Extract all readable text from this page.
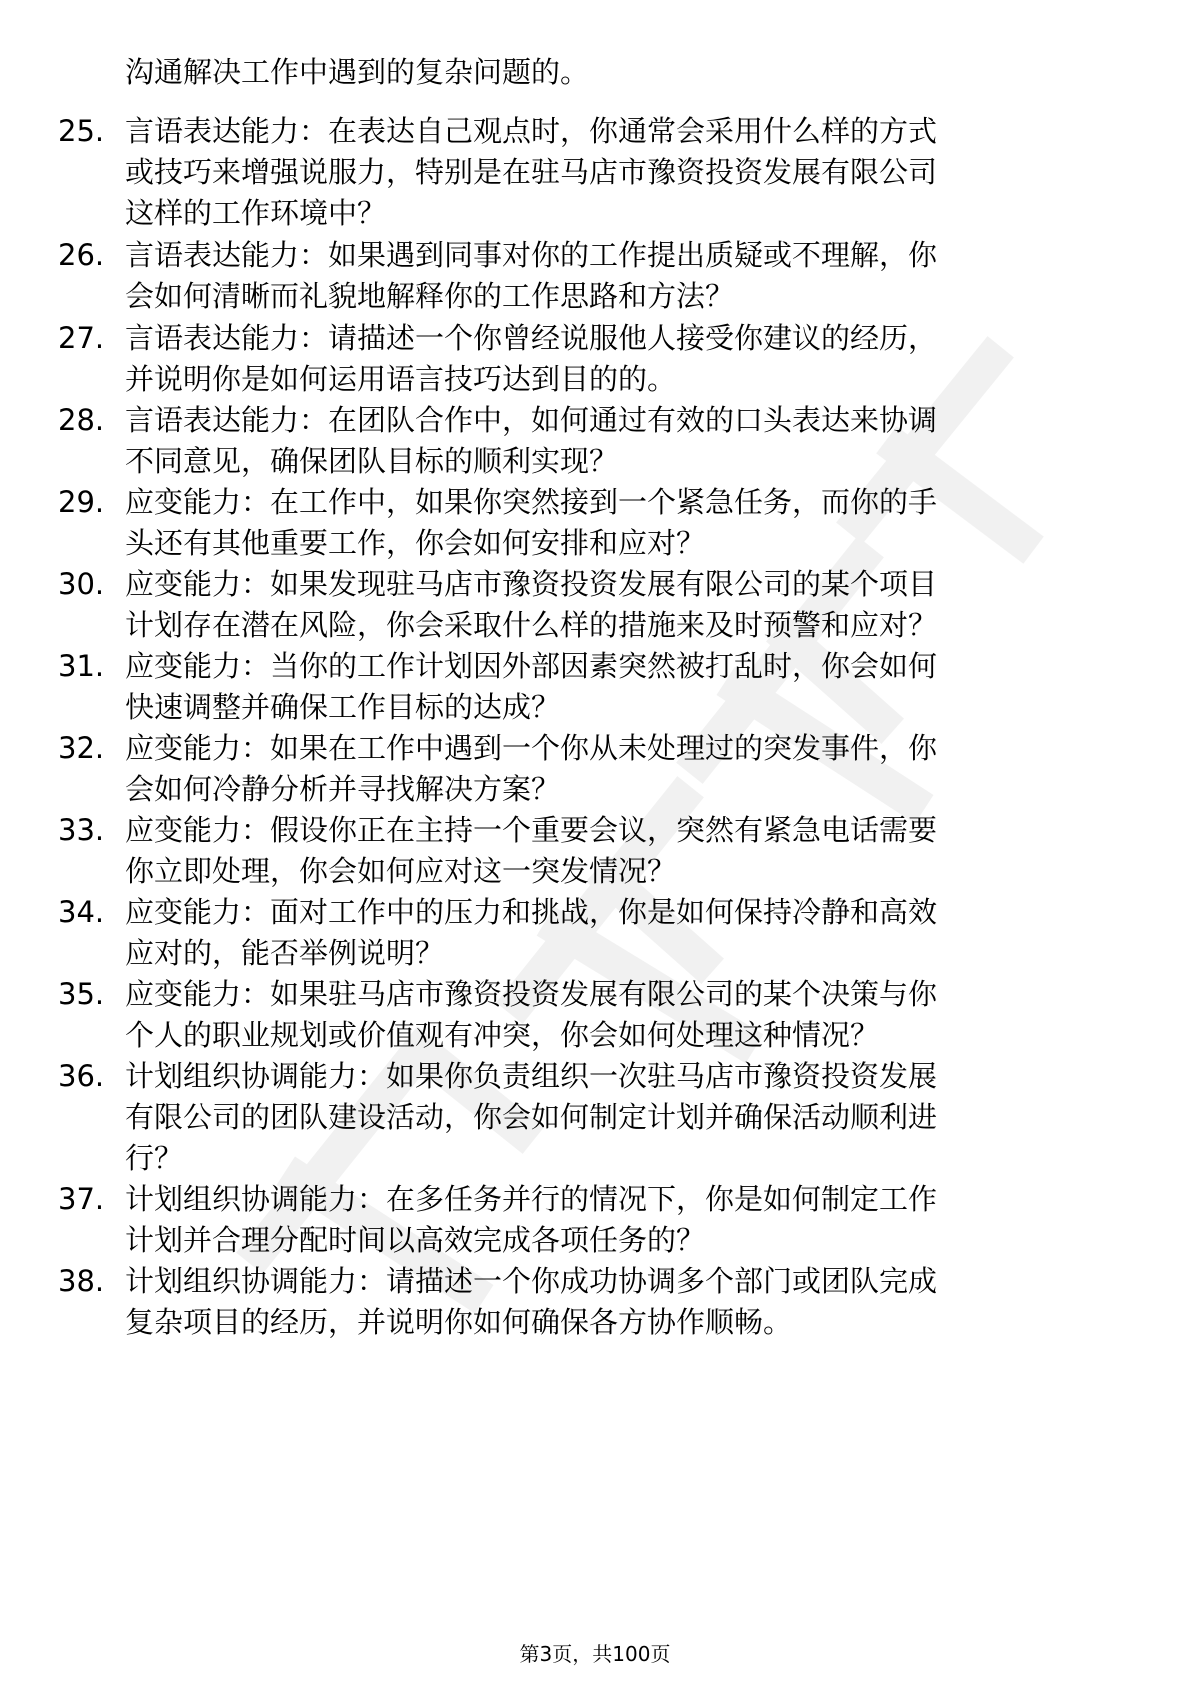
沟通解决工作中遇到的复杂问题的。
25. 言语表达能力：在表达自己观点时，你通常会采用什么样的方式
或技巧来增强说服力，特别是在驻马店市豫资投资发展有限公司
这样的工作环境中？
26. 言语表达能力：如果遇到同事对你的工作提出质疑或不理解，你
会如何清晰而礼貌地解释你的工作思路和方法？
27. 言语表达能力：请描述一个你曾经说服他人接受你建议的经历，
并说明你是如何运用语言技巧达到目的的。
28. 言语表达能力：在团队合作中，如何通过有效的口头表达来协调
不同意见，确保团队目标的顺利实现？
29. 应变能力：在工作中，如果你突然接到一个紧急任务，而你的手
头还有其他重要工作，你会如何安排和应对？
30. 应变能力：如果发现驻马店市豫资投资发展有限公司的某个项目
计划存在潜在风险，你会采取什么样的措施来及时预警和应对？
31. 应变能力：当你的工作计划因外部因素突然被打乱时，你会如何
快速调整并确保工作目标的达成？
32. 应变能力：如果在工作中遇到一个你从未处理过的突发事件，你
会如何冷静分析并寻找解决方案？
33. 应变能力：假设你正在主持一个重要会议，突然有紧急电话需要
你立即处理，你会如何应对这一突发情况？
34. 应变能力：面对工作中的压力和挑战，你是如何保持冷静和高效
应对的，能否举例说明？
35. 应变能力：如果驻马店市豫资投资发展有限公司的某个决策与你
个人的职业规划或价值观有冲突，你会如何处理这种情况？
36. 计划组织协调能力：如果你负责组织一次驻马店市豫资投资发展
有限公司的团队建设活动，你会如何制定计划并确保活动顺利进
行？
37. 计划组织协调能力：在多任务并行的情况下，你是如何制定工作
计划并合理分配时间以高效完成各项任务的？
38. 计划组织协调能力：请描述一个你成功协调多个部门或团队完成
复杂项目的经历，并说明你如何确保各方协作顺畅。
第3页，共100页
